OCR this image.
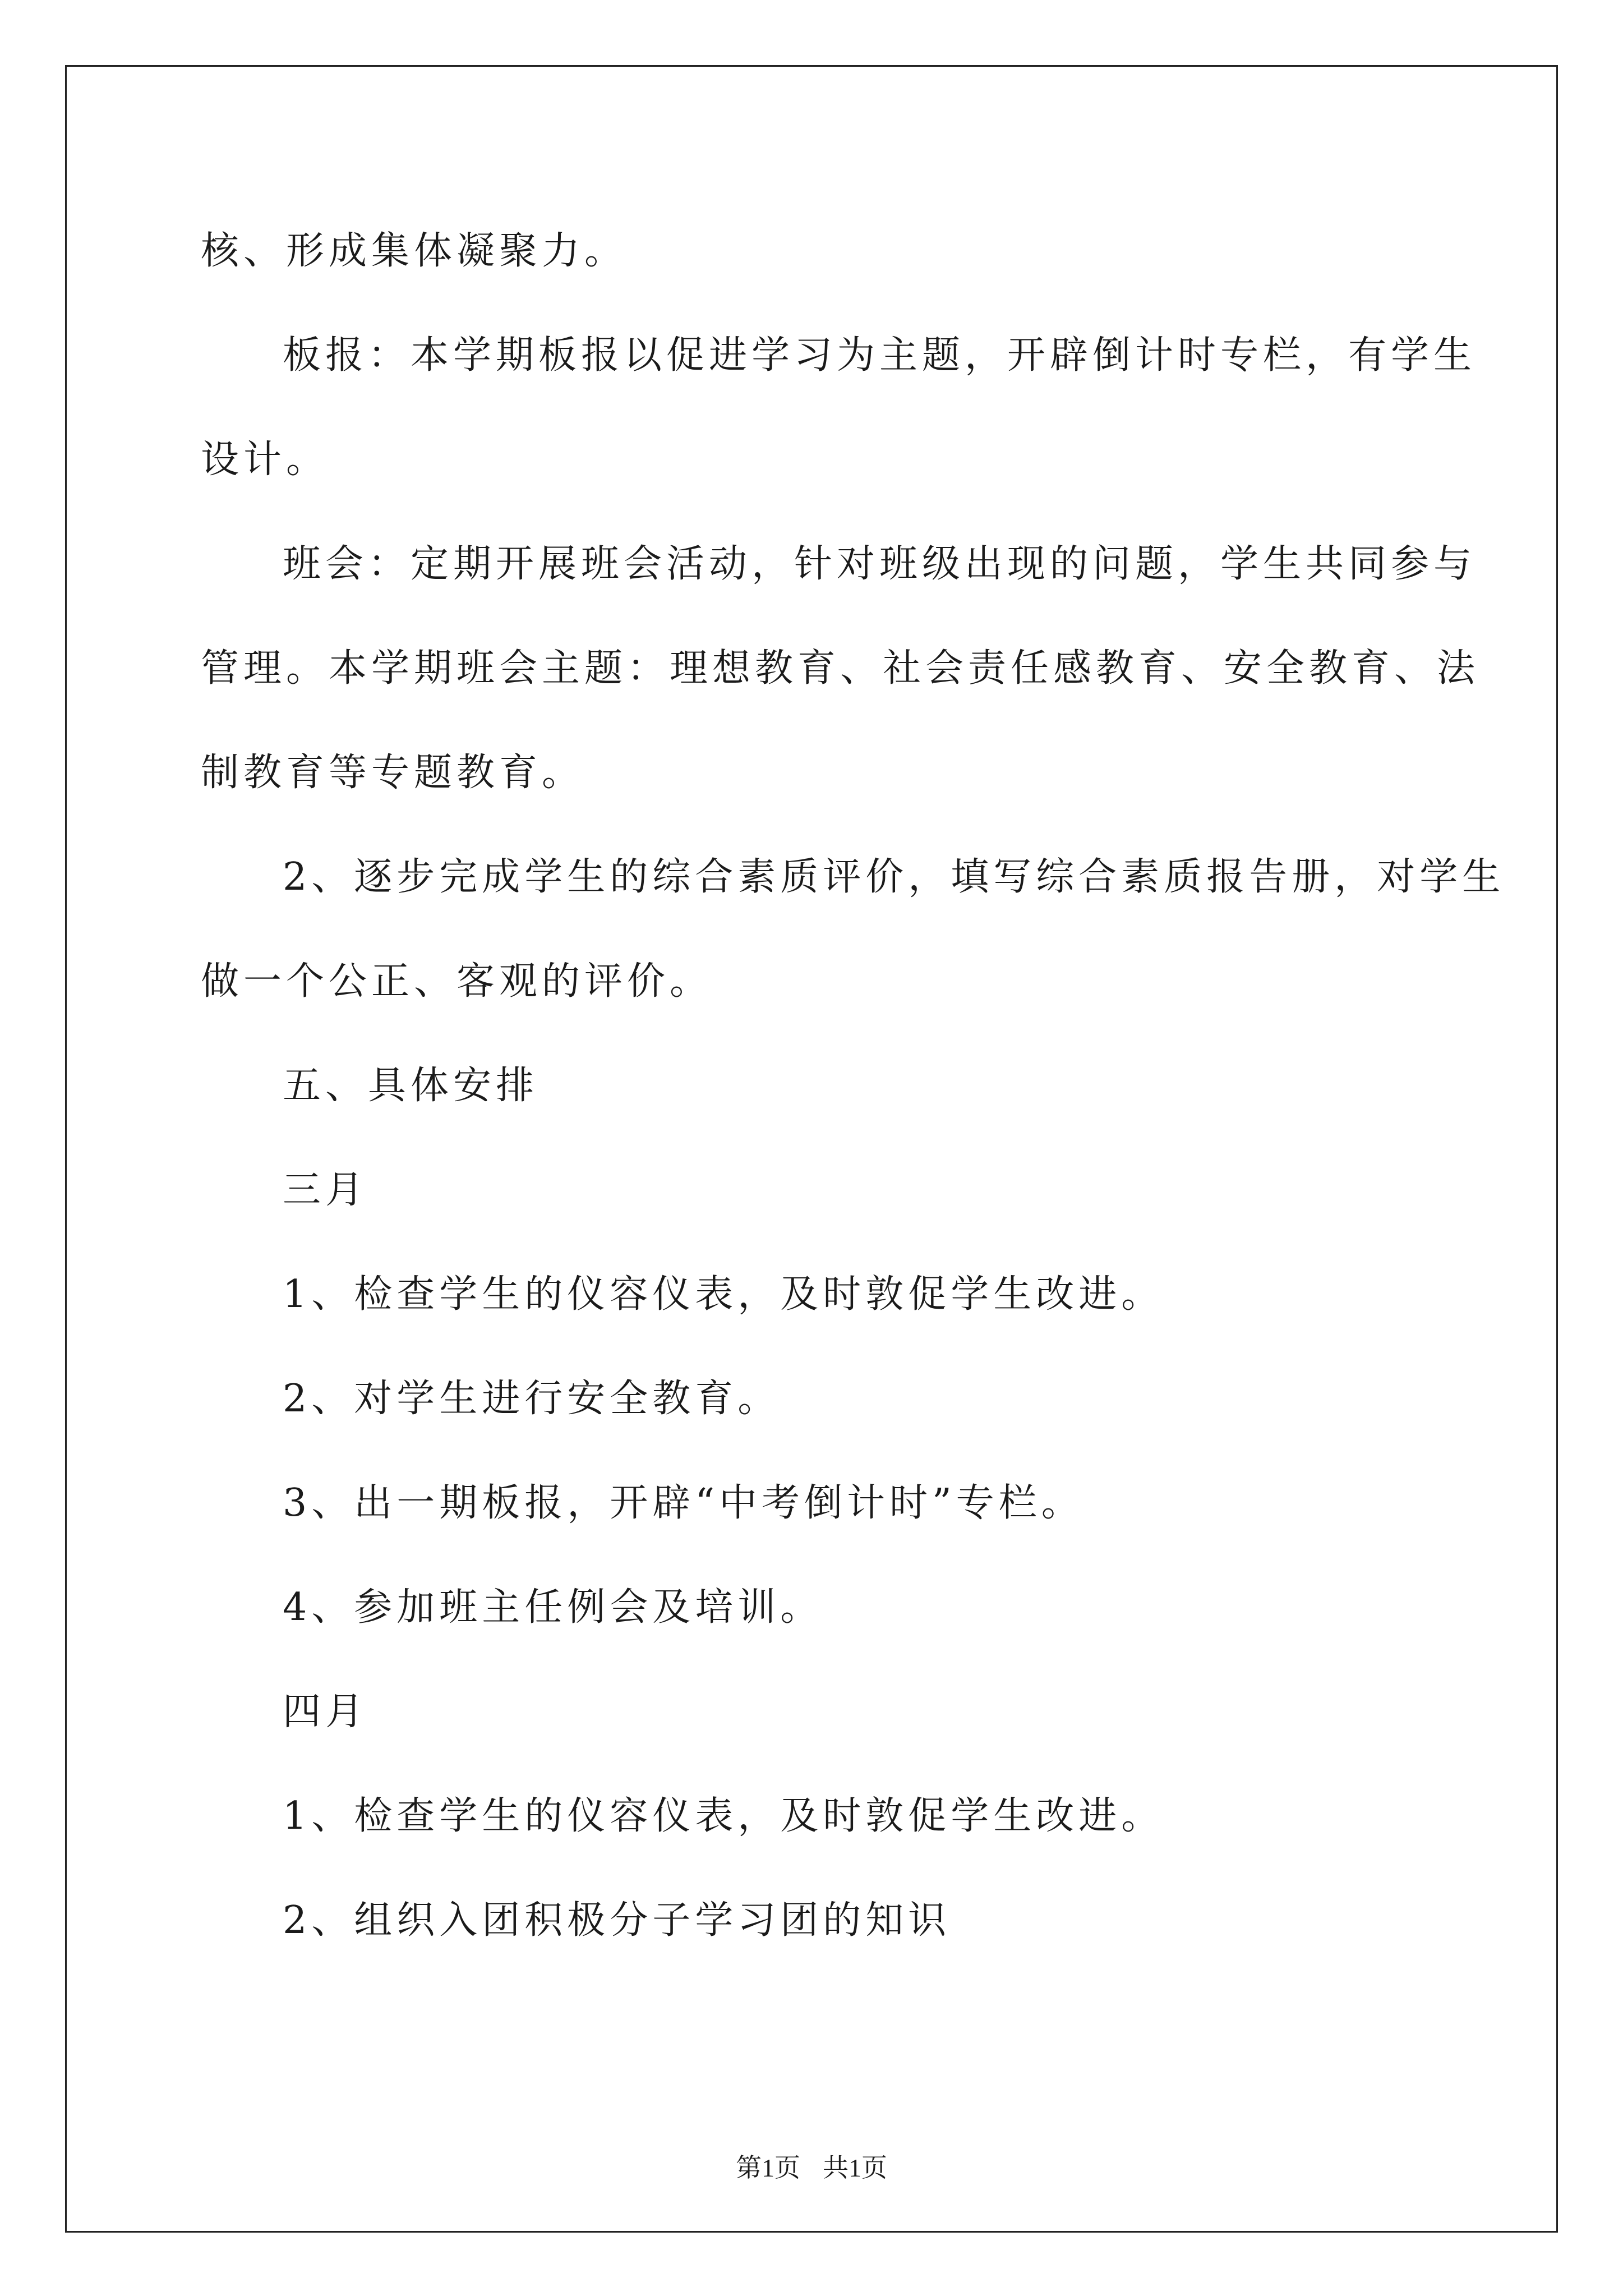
核、形成集体凝聚力。

板报：本学期板报以促进学习为主题，开辟倒计时专栏，有学生

设计。

班会：定期开展班会活动，针对班级出现的问题，学生共同参与

管理。本学期班会主题：理想教育、社会责任感教育、安全教育、法

制教育等专题教育。

2、逐步完成学生的综合素质评价，填写综合素质报告册，对学生

做一个公正、客观的评价。

五、具体安排

三月

1、检查学生的仪容仪表，及时敦促学生改进。

2、对学生进行安全教育。

3、出一期板报，开辟“中考倒计时”专栏。

4、参加班主任例会及培训。

四月

1、检查学生的仪容仪表，及时敦促学生改进。

2、组织入团积极分子学习团的知识

第1页 共1页
